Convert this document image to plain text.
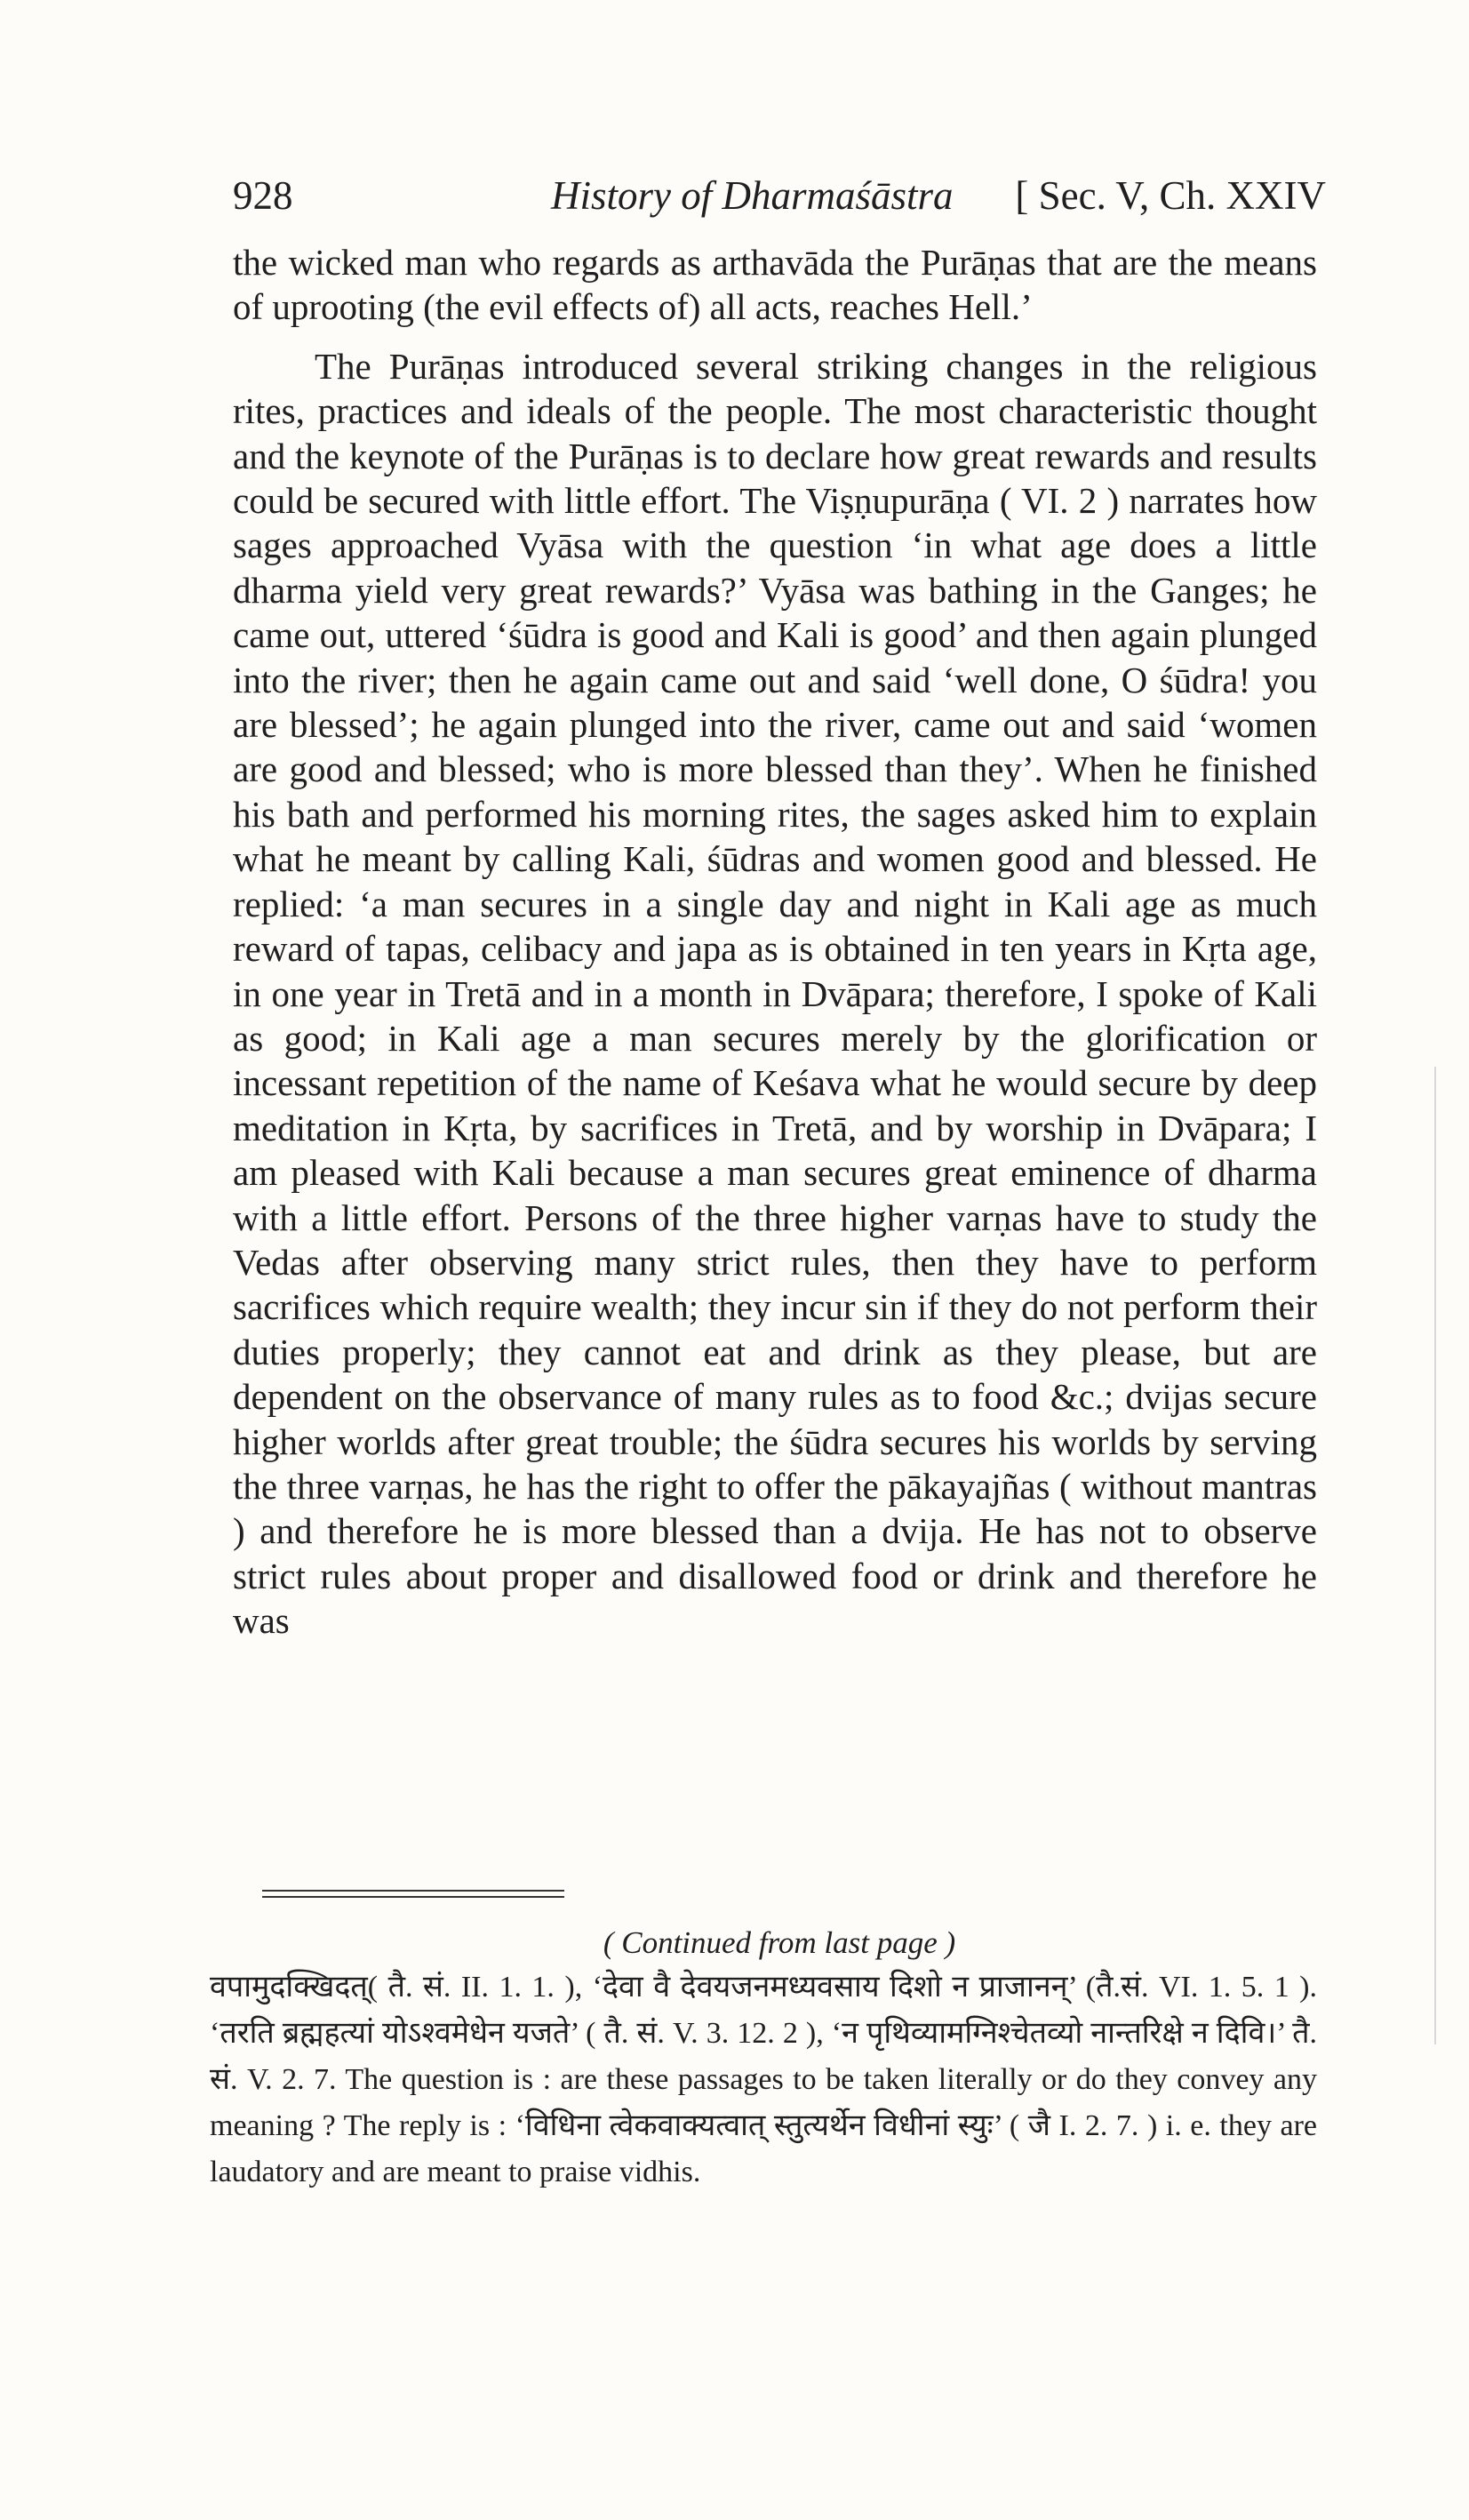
928	History of Dharmaśāstra [ Sec. V, Ch. XXIV

the wicked man who regards as arthavāda the Purāṇas that are the means of uprooting (the evil effects of) all acts, reaches Hell.’

The Purāṇas introduced several striking changes in the religious rites, practices and ideals of the people. The most characteristic thought and the keynote of the Purāṇas is to declare how great rewards and results could be secured with little effort. The Viṣṇupurāṇa ( VI. 2 ) narrates how sages approached Vyāsa with the question ‘in what age does a little dharma yield very great rewards?’ Vyāsa was bathing in the Ganges; he came out, uttered ‘śūdra is good and Kali is good’ and then again plunged into the river; then he again came out and said ‘well done, O śūdra! you are blessed’; he again plunged into the river, came out and said ‘women are good and blessed; who is more blessed than they’. When he finished his bath and performed his morning rites, the sages asked him to explain what he meant by calling Kali, śūdras and women good and blessed. He replied: ‘a man secures in a single day and night in Kali age as much reward of tapas, celibacy and japa as is obtained in ten years in Kṛta age, in one year in Tretā and in a month in Dvāpara; therefore, I spoke of Kali as good; in Kali age a man secures merely by the glorification or incessant repetition of the name of Keśava what he would secure by deep meditation in Kṛta, by sacrifices in Tretā, and by worship in Dvāpara; I am pleased with Kali because a man secures great eminence of dharma with a little effort. Persons of the three higher varṇas have to study the Vedas after observing many strict rules, then they have to perform sacrifices which require wealth; they incur sin if they do not perform their duties properly; they cannot eat and drink as they please, but are dependent on the observance of many rules as to food &c.; dvijas secure higher worlds after great trouble; the śūdra secures his worlds by serving the three varṇas, he has the right to offer the pākayajñas ( without mantras ) and therefore he is more blessed than a dvija. He has not to observe strict rules about proper and disallowed food or drink and therefore he was

( Continued from last page )
वपामुदक्खिदत्( तै. सं. II. 1. 1. ), ‘देवा वै देवयजनमध्यवसाय दिशो न प्राजानन्’ (तै.सं. VI. 1. 5. 1 ). ‘तरति ब्रह्महत्यां योऽश्वमेधेन यजते’ ( तै. सं. V. 3. 12. 2 ), ‘न पृथिव्यामग्निश्चेतव्यो नान्तरिक्षे न दिवि।’ तै. सं. V. 2. 7. The question is : are these passages to be taken literally or do they convey any meaning ? The reply is : ‘विधिना त्वेकवाक्यत्वात् स्तुत्यर्थेन विधीनां स्युः’ ( जै I. 2. 7. ) i. e. they are laudatory and are meant to praise vidhis.
